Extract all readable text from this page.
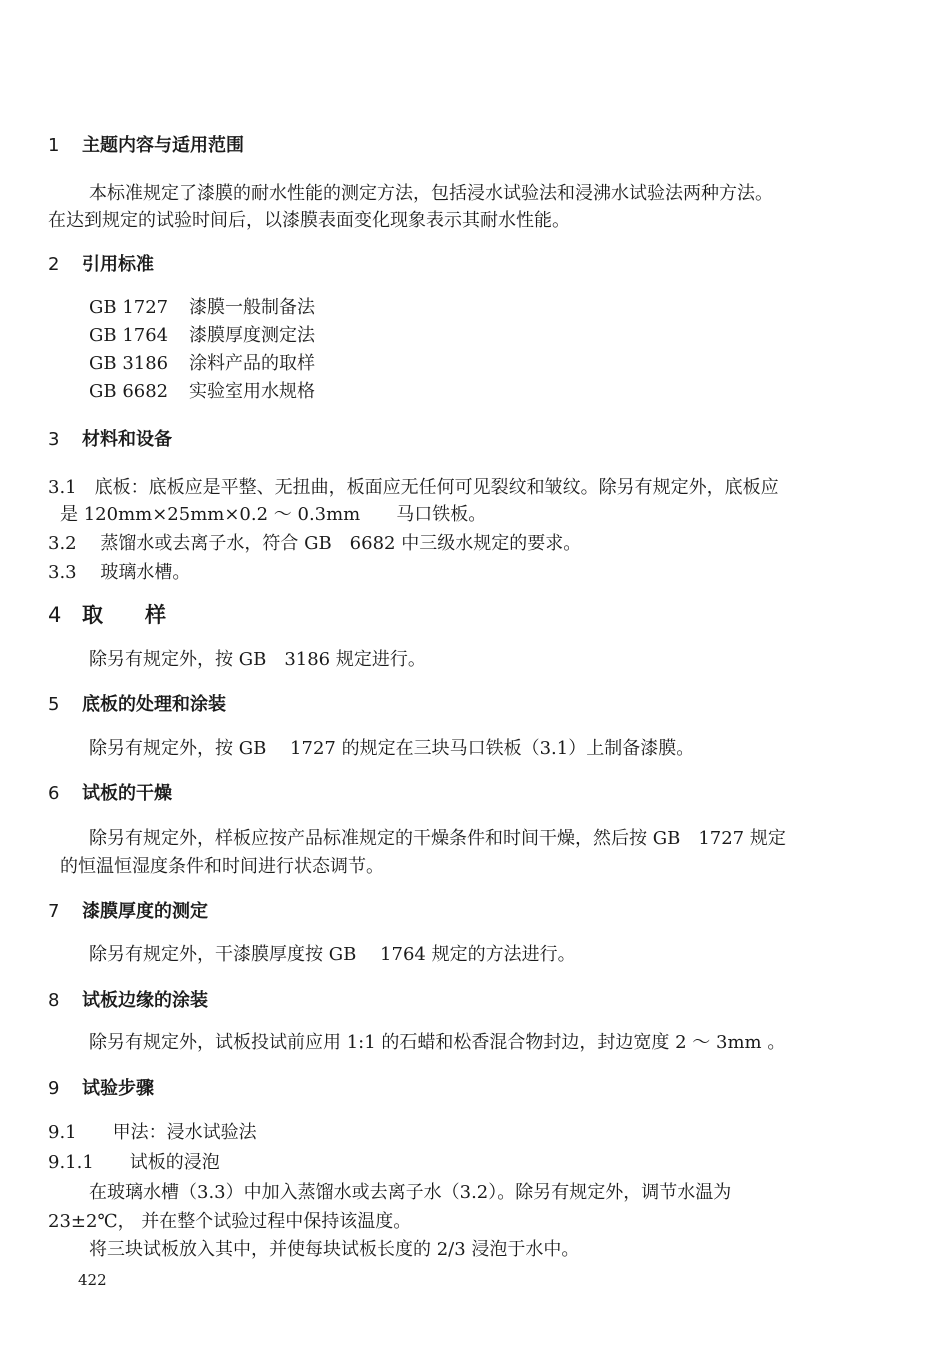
1 主题内容与适用范围
本标准规定了漆膜的耐水性能的测定方法，包括浸水试验法和浸沸水试验法两种方法。
在达到规定的试验时间后，以漆膜表面变化现象表示其耐水性能。
2 引用标准
GB 1727 漆膜一般制备法
GB 1764 漆膜厚度测定法
GB 3186 涂料产品的取样
GB 6682 实验室用水规格
3 材料和设备
3.1　底板：底板应是平整、无扭曲，板面应无任何可见裂纹和皱纹。除另有规定外，底板应
是 120mm×25mm×0.2 ～ 0.3mm　　马口铁板。
3.2　 蒸馏水或去离子水，符合 GB　6682 中三级水规定的要求。
3.3　 玻璃水槽。
4 取　　样
除另有规定外，按 GB　3186 规定进行。
5 底板的处理和涂装
除另有规定外，按 GB　 1727 的规定在三块马口铁板（3.1）上制备漆膜。
6 试板的干燥
除另有规定外，样板应按产品标准规定的干燥条件和时间干燥，然后按 GB　1727 规定
的恒温恒湿度条件和时间进行状态调节。
7 漆膜厚度的测定
除另有规定外，干漆膜厚度按 GB　 1764 规定的方法进行。
8 试板边缘的涂装
除另有规定外，试板投试前应用 1:1 的石蜡和松香混合物封边，封边宽度 2 ～ 3mm 。
9 试验步骤
9.1　　甲法：浸水试验法
9.1.1　　试板的浸泡
在玻璃水槽（3.3）中加入蒸馏水或去离子水（3.2）。除另有规定外，调节水温为
23±2℃， 并在整个试验过程中保持该温度。
将三块试板放入其中，并使每块试板长度的 2/3 浸泡于水中。
422
